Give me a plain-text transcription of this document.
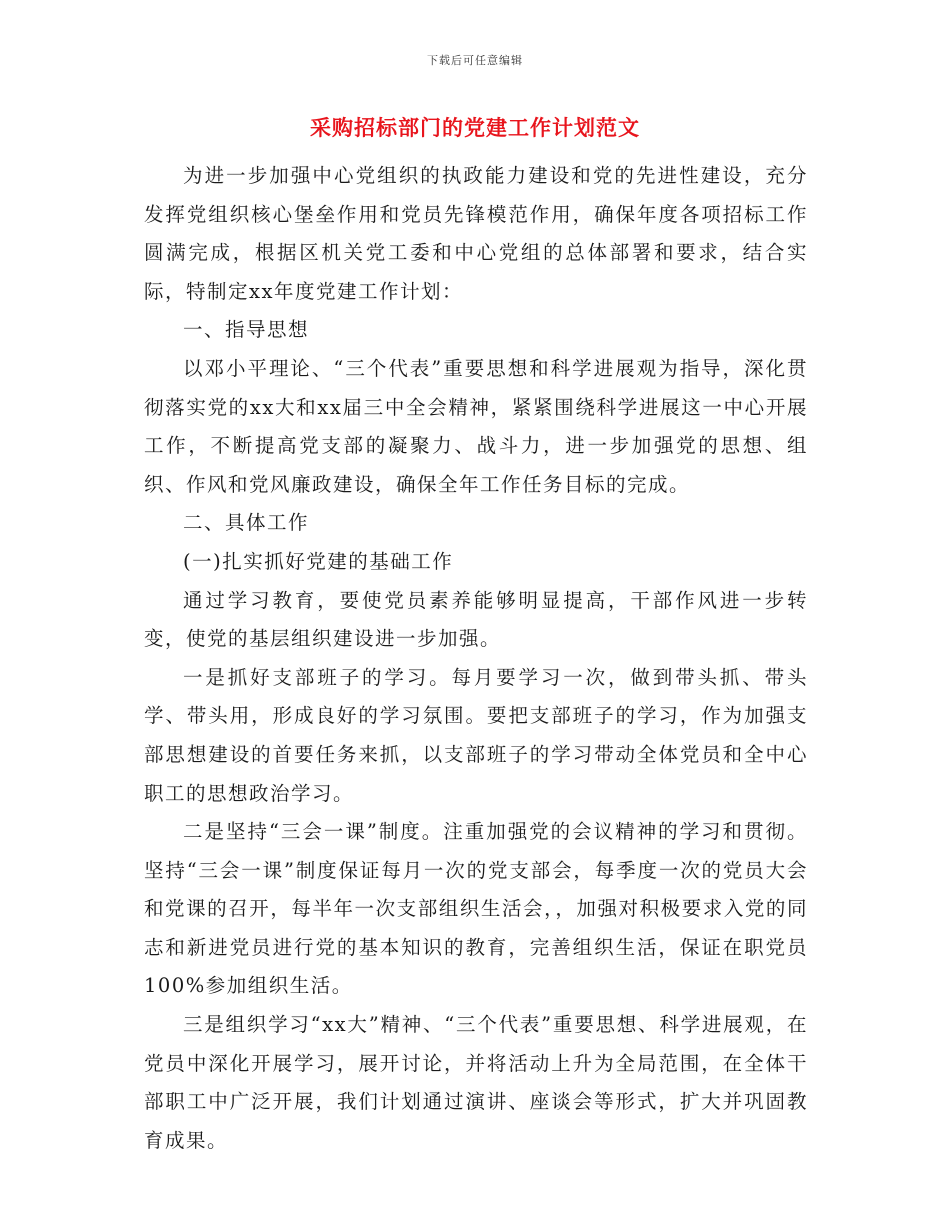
下载后可任意编辑
采购招标部门的党建工作计划范文

为进一步加强中心党组织的执政能力建设和党的先进性建设，充分发挥党组织核心堡垒作用和党员先锋模范作用，确保年度各项招标工作圆满完成，根据区机关党工委和中心党组的总体部署和要求，结合实际，特制定xx年度党建工作计划：

一、指导思想

以邓小平理论、“三个代表”重要思想和科学进展观为指导，深化贯彻落实党的xx大和xx届三中全会精神，紧紧围绕科学进展这一中心开展工作，不断提高党支部的凝聚力、战斗力，进一步加强党的思想、组织、作风和党风廉政建设，确保全年工作任务目标的完成。

二、具体工作

(一)扎实抓好党建的基础工作

通过学习教育，要使党员素养能够明显提高，干部作风进一步转变，使党的基层组织建设进一步加强。

一是抓好支部班子的学习。每月要学习一次，做到带头抓、带头学、带头用，形成良好的学习氛围。要把支部班子的学习，作为加强支部思想建设的首要任务来抓，以支部班子的学习带动全体党员和全中心职工的思想政治学习。

二是坚持“三会一课”制度。注重加强党的会议精神的学习和贯彻。坚持“三会一课”制度保证每月一次的党支部会，每季度一次的党员大会和党课的召开，每半年一次支部组织生活会，，加强对积极要求入党的同志和新进党员进行党的基本知识的教育，完善组织生活，保证在职党员100%参加组织生活。

三是组织学习“xx大”精神、“三个代表”重要思想、科学进展观，在党员中深化开展学习，展开讨论，并将活动上升为全局范围，在全体干部职工中广泛开展，我们计划通过演讲、座谈会等形式，扩大并巩固教育成果。
